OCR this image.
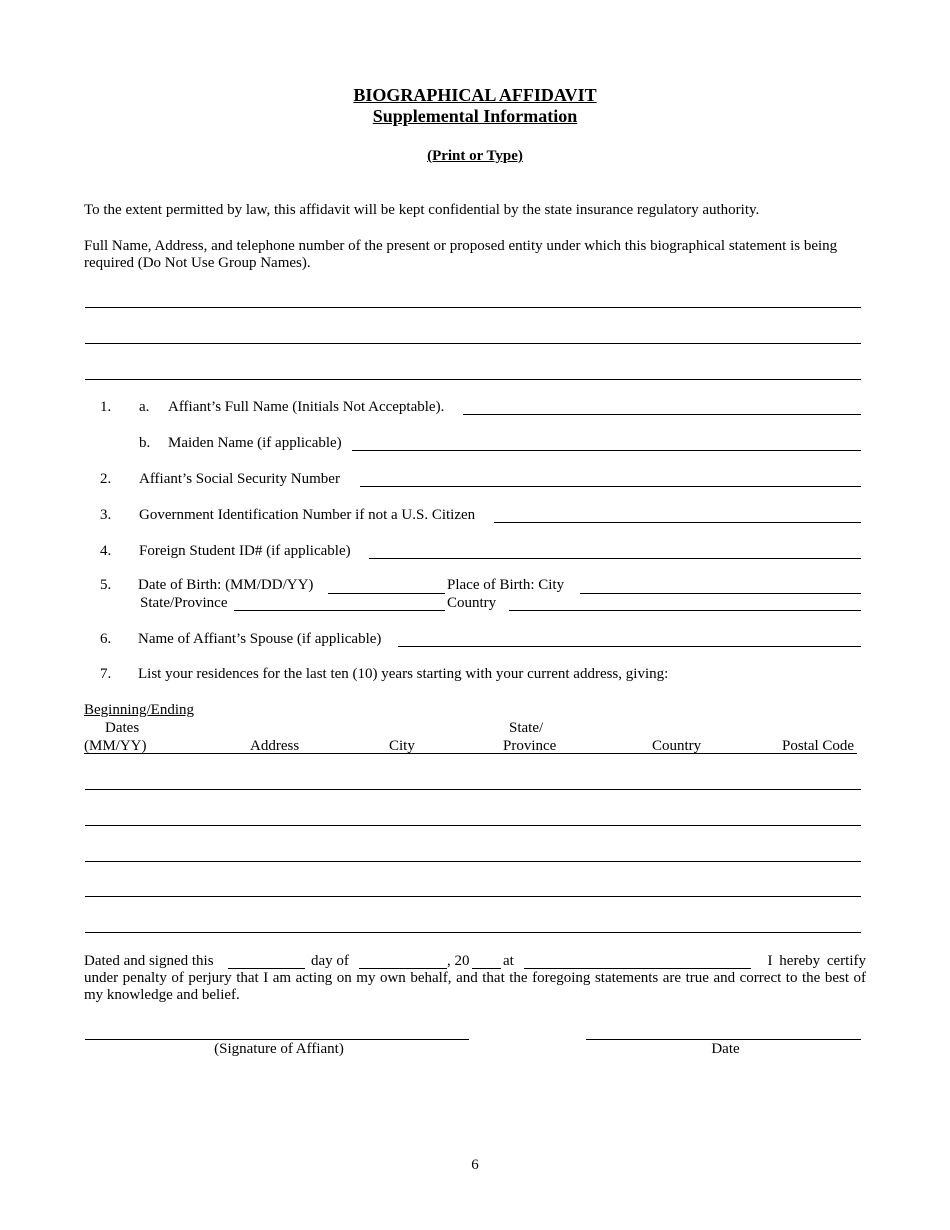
BIOGRAPHICAL AFFIDAVIT
Supplemental Information
(Print or Type)
To the extent permitted by law, this affidavit will be kept confidential by the state insurance regulatory authority.
Full Name, Address, and telephone number of the present or proposed entity under which this biographical statement is being required (Do Not Use Group Names).
1. a. Affiant’s Full Name (Initials Not Acceptable).
b. Maiden Name (if applicable)
2. Affiant’s Social Security Number
3. Government Identification Number if not a U.S. Citizen
4. Foreign Student ID# (if applicable)
5. Date of Birth: (MM/DD/YY)	Place of Birth: City
State/Province	Country
6. Name of Affiant’s Spouse (if applicable)
7. List your residences for the last ten (10) years starting with your current address, giving:
Beginning/Ending
Dates	State/
(MM/YY)	Address	City	Province	Country	Postal Code
Dated and signed this	day of	, 20 at	I hereby certify
under penalty of perjury that I am acting on my own behalf, and that the foregoing statements are true and correct to the best of my knowledge and belief.
(Signature of Affiant)	Date
6
